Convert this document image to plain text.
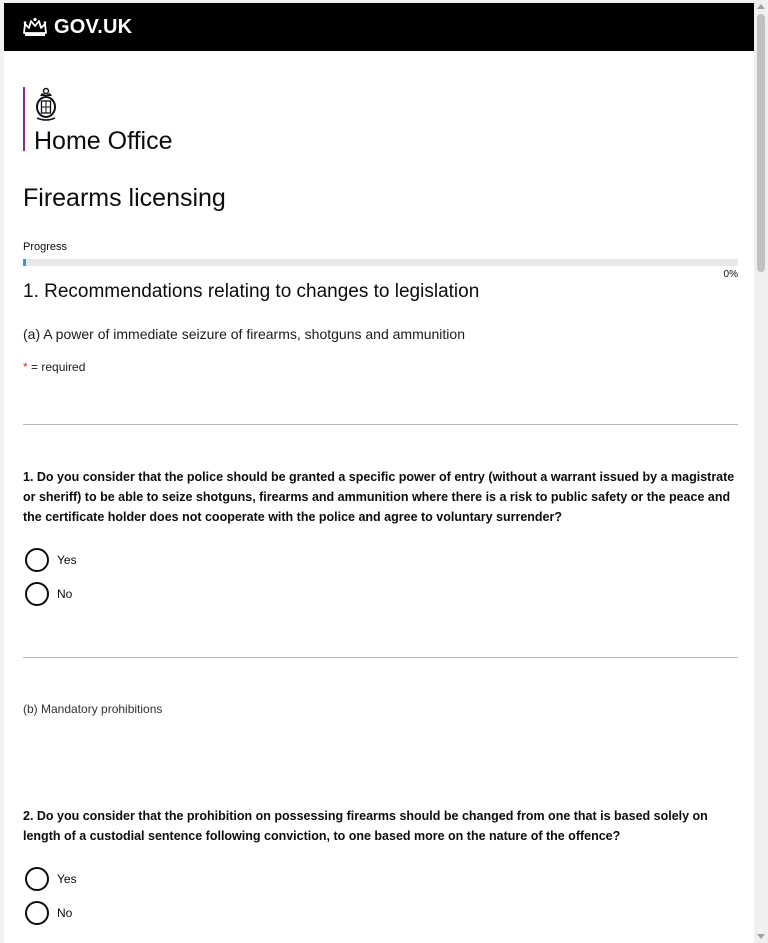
GOV.UK
Home Office
Firearms licensing
Progress
0%
1. Recommendations relating to changes to legislation
(a) A power of immediate seizure of firearms, shotguns and ammunition
* = required
1. Do you consider that the police should be granted a specific power of entry (without a warrant issued by a magistrate or sheriff) to be able to seize shotguns, firearms and ammunition where there is a risk to public safety or the peace and the certificate holder does not cooperate with the police and agree to voluntary surrender?
Yes
No
(b) Mandatory prohibitions
2. Do you consider that the prohibition on possessing firearms should be changed from one that is based solely on length of a custodial sentence following conviction, to one based more on the nature of the offence?
Yes
No
